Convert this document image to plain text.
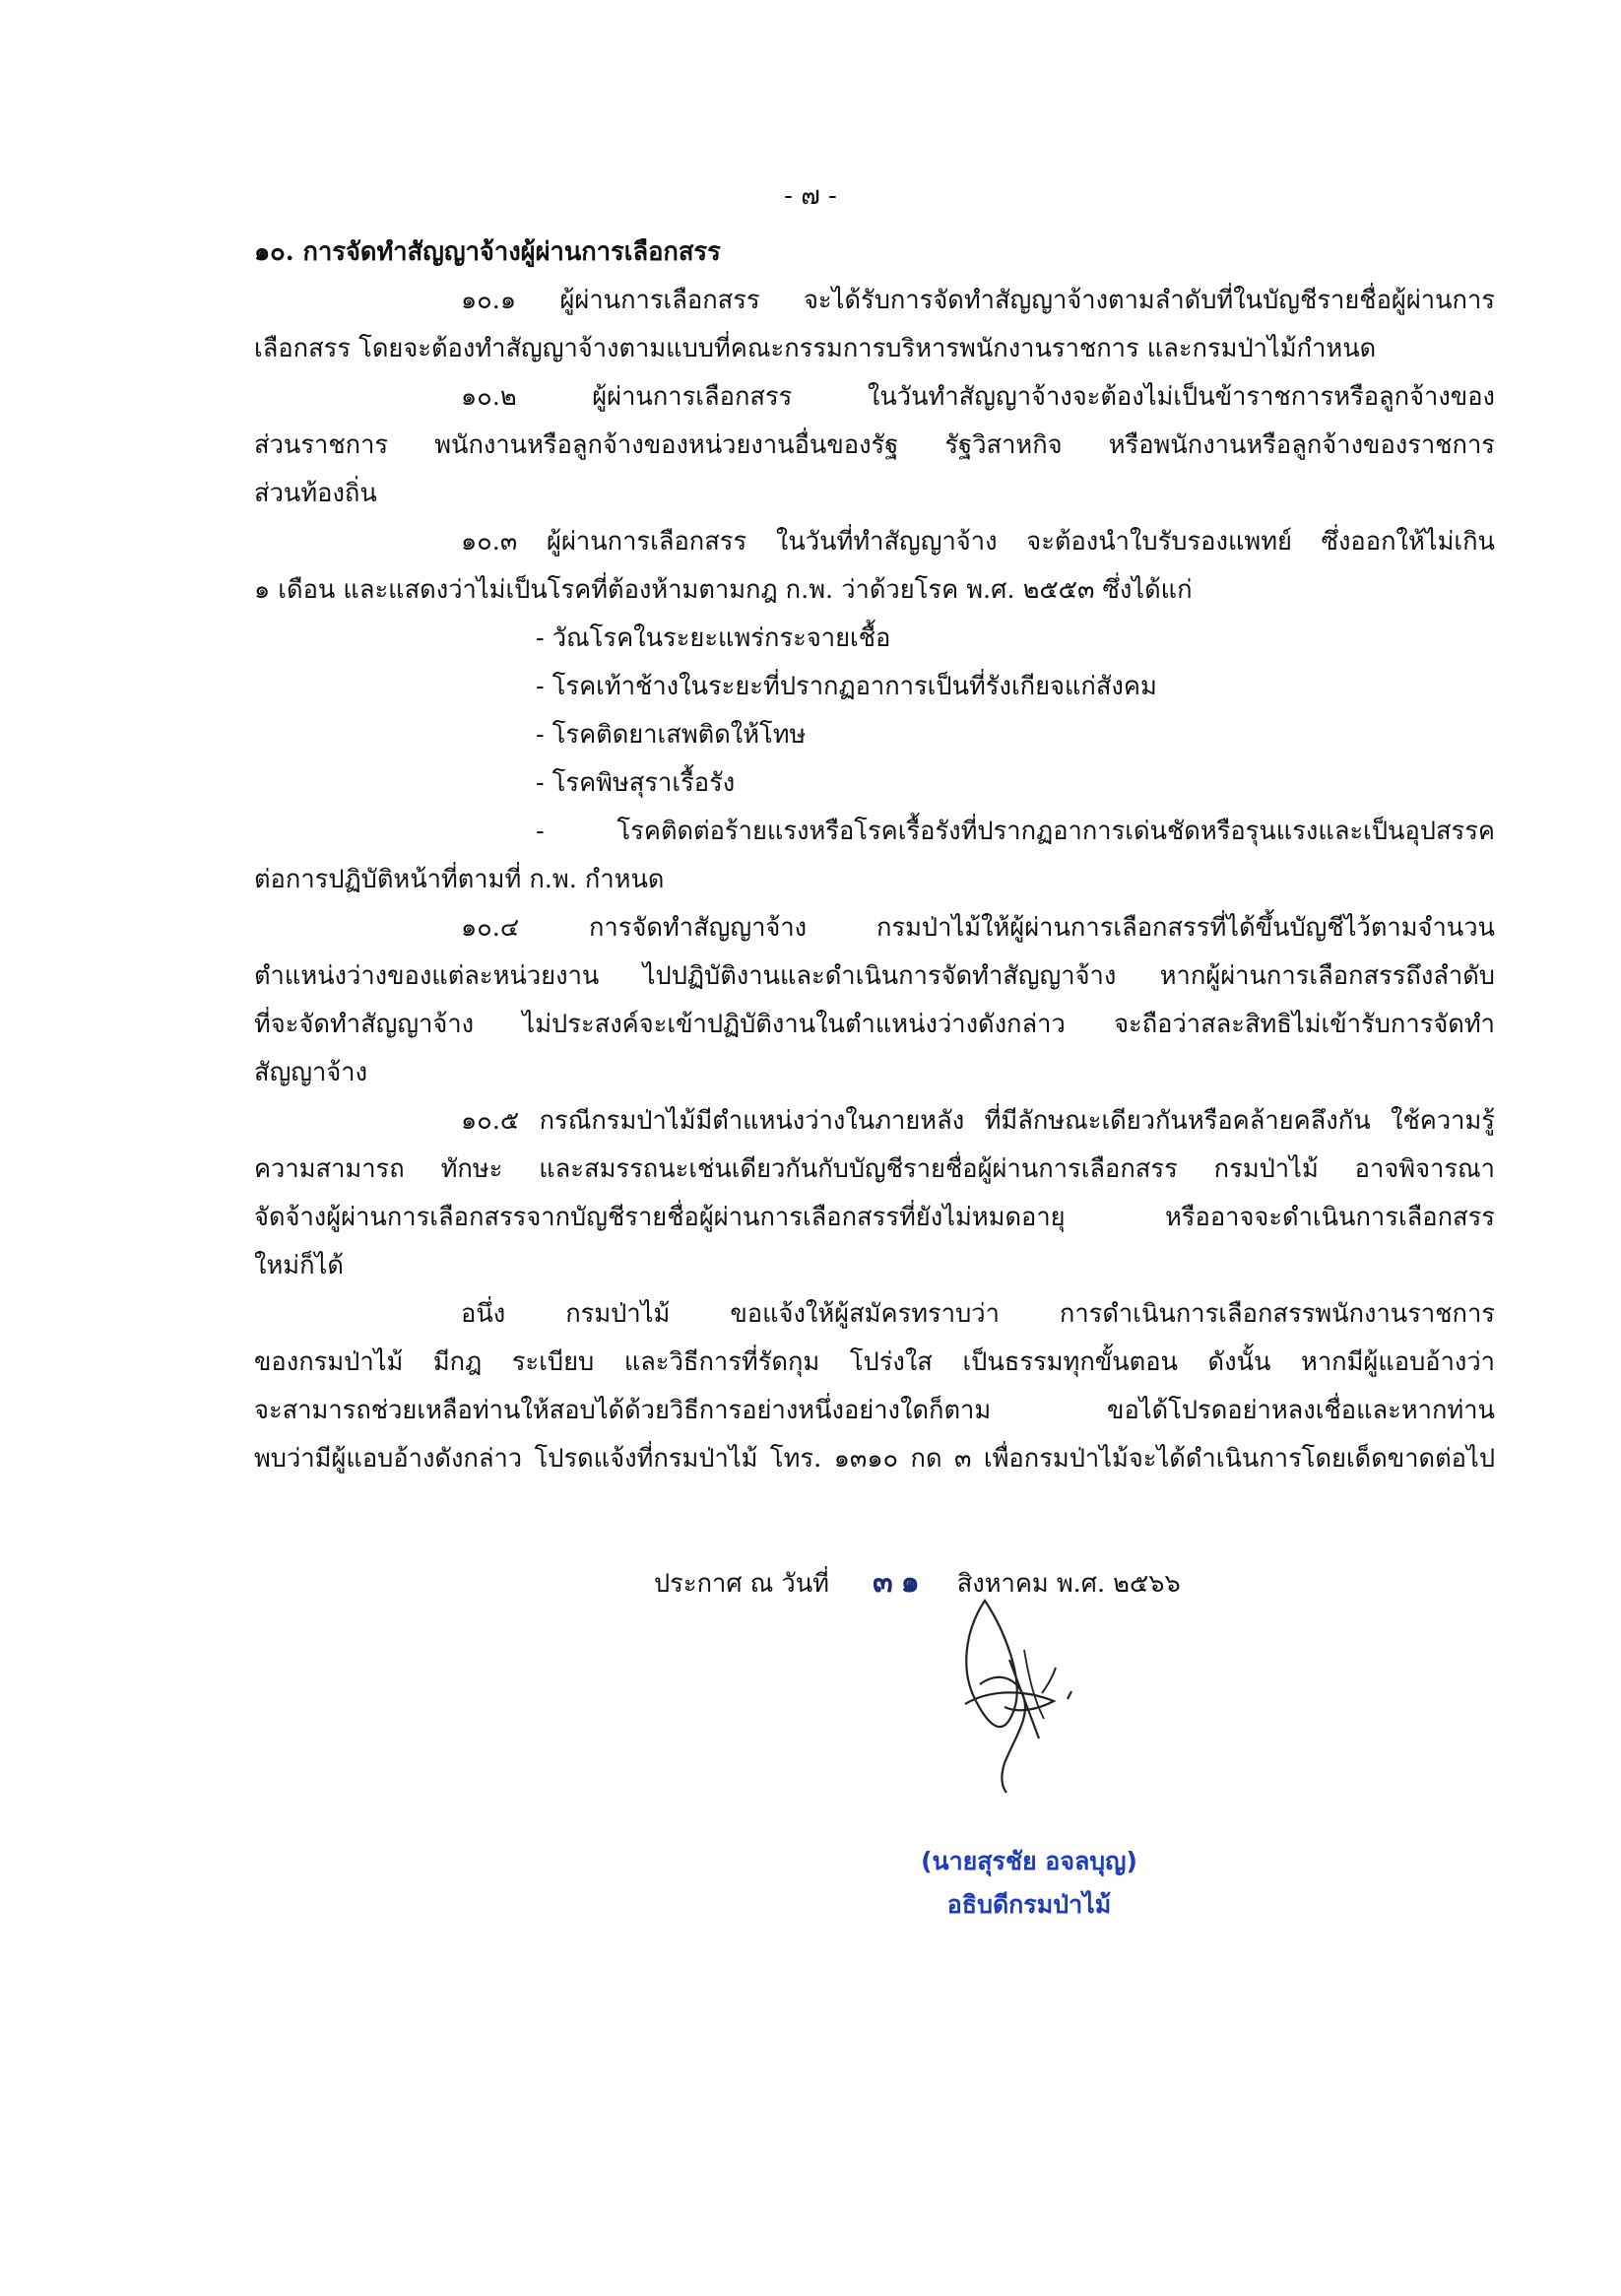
- ๗ -
๑๐. การจัดทำสัญญาจ้างผู้ผ่านการเลือกสรร
๑๐.๑ ผู้ผ่านการเลือกสรร จะได้รับการจัดทำสัญญาจ้างตามลำดับที่ในบัญชีรายชื่อผู้ผ่านการ
เลือกสรร โดยจะต้องทำสัญญาจ้างตามแบบที่คณะกรรมการบริหารพนักงานราชการ และกรมป่าไม้กำหนด
๑๐.๒ ผู้ผ่านการเลือกสรร ในวันทำสัญญาจ้างจะต้องไม่เป็นข้าราชการหรือลูกจ้างของ
ส่วนราชการ พนักงานหรือลูกจ้างของหน่วยงานอื่นของรัฐ รัฐวิสาหกิจ หรือพนักงานหรือลูกจ้างของราชการ
ส่วนท้องถิ่น
๑๐.๓ ผู้ผ่านการเลือกสรร ในวันที่ทำสัญญาจ้าง จะต้องนำใบรับรองแพทย์ ซึ่งออกให้ไม่เกิน
๑ เดือน และแสดงว่าไม่เป็นโรคที่ต้องห้ามตามกฎ ก.พ. ว่าด้วยโรค พ.ศ. ๒๕๕๓ ซึ่งได้แก่
- วัณโรคในระยะแพร่กระจายเชื้อ
- โรคเท้าช้างในระยะที่ปรากฏอาการเป็นที่รังเกียจแก่สังคม
- โรคติดยาเสพติดให้โทษ
- โรคพิษสุราเรื้อรัง
- โรคติดต่อร้ายแรงหรือโรคเรื้อรังที่ปรากฏอาการเด่นชัดหรือรุนแรงและเป็นอุปสรรค
ต่อการปฏิบัติหน้าที่ตามที่ ก.พ. กำหนด
๑๐.๔ การจัดทำสัญญาจ้าง กรมป่าไม้ให้ผู้ผ่านการเลือกสรรที่ได้ขึ้นบัญชีไว้ตามจำนวน
ตำแหน่งว่างของแต่ละหน่วยงาน ไปปฏิบัติงานและดำเนินการจัดทำสัญญาจ้าง หากผู้ผ่านการเลือกสรรถึงลำดับ
ที่จะจัดทำสัญญาจ้าง ไม่ประสงค์จะเข้าปฏิบัติงานในตำแหน่งว่างดังกล่าว จะถือว่าสละสิทธิไม่เข้ารับการจัดทำ
สัญญาจ้าง
๑๐.๕ กรณีกรมป่าไม้มีตำแหน่งว่างในภายหลัง ที่มีลักษณะเดียวกันหรือคล้ายคลึงกัน ใช้ความรู้
ความสามารถ ทักษะ และสมรรถนะเช่นเดียวกันกับบัญชีรายชื่อผู้ผ่านการเลือกสรร กรมป่าไม้ อาจพิจารณา
จัดจ้างผู้ผ่านการเลือกสรรจากบัญชีรายชื่อผู้ผ่านการเลือกสรรที่ยังไม่หมดอายุ หรืออาจจะดำเนินการเลือกสรร
ใหม่ก็ได้
อนึ่ง กรมป่าไม้ ขอแจ้งให้ผู้สมัครทราบว่า การดำเนินการเลือกสรรพนักงานราชการ
ของกรมป่าไม้ มีกฎ ระเบียบ และวิธีการที่รัดกุม โปร่งใส เป็นธรรมทุกขั้นตอน ดังนั้น หากมีผู้แอบอ้างว่า
จะสามารถช่วยเหลือท่านให้สอบได้ด้วยวิธีการอย่างหนึ่งอย่างใดก็ตาม ขอได้โปรดอย่าหลงเชื่อและหากท่าน
พบว่ามีผู้แอบอ้างดังกล่าว โปรดแจ้งที่กรมป่าไม้ โทร. ๑๓๑๐ กด ๓ เพื่อกรมป่าไม้จะได้ดำเนินการโดยเด็ดขาดต่อไป
ประกาศ ณ วันที่ ๓๑ สิงหาคม พ.ศ. ๒๕๖๖
(นายสุรชัย อจลบุญ)
อธิบดีกรมป่าไม้
